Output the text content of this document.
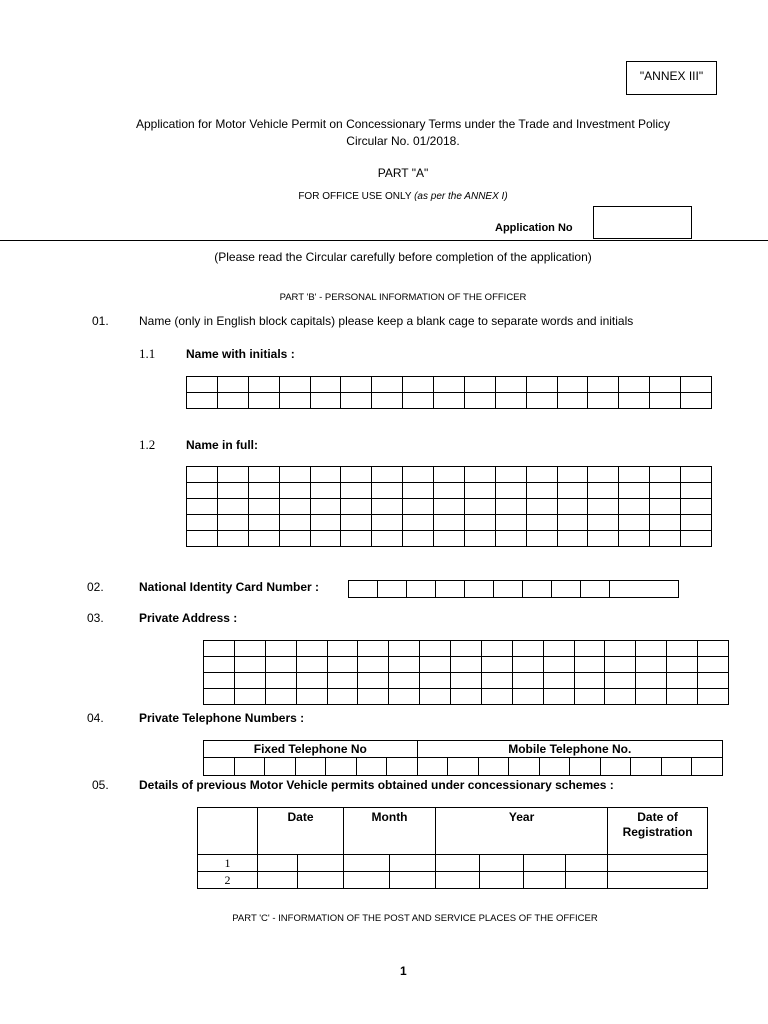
"ANNEX III"
Application for Motor Vehicle Permit on Concessionary Terms under the Trade and Investment Policy
Circular No. 01/2018.
PART "A"
FOR OFFICE USE ONLY (as per the ANNEX I)
Application No
(Please read the Circular carefully before completion of the application)
PART 'B' - PERSONAL INFORMATION OF THE OFFICER
01.	Name (only in English block capitals) please keep a blank cage to separate words and initials
1.1	Name with initials :

1.2	Name in full:

02.	National Identity Card Number :

03.	Private Address :

04.	Private Telephone Numbers :
Fixed Telephone No							Mobile Telephone No.									

05.	Details of previous Motor Vehicle permits obtained under concessionary schemes :
	Date		Month		Year				Date of Registration
1									
2									
PART 'C' - INFORMATION OF THE POST AND SERVICE PLACES OF THE OFFICER
1
